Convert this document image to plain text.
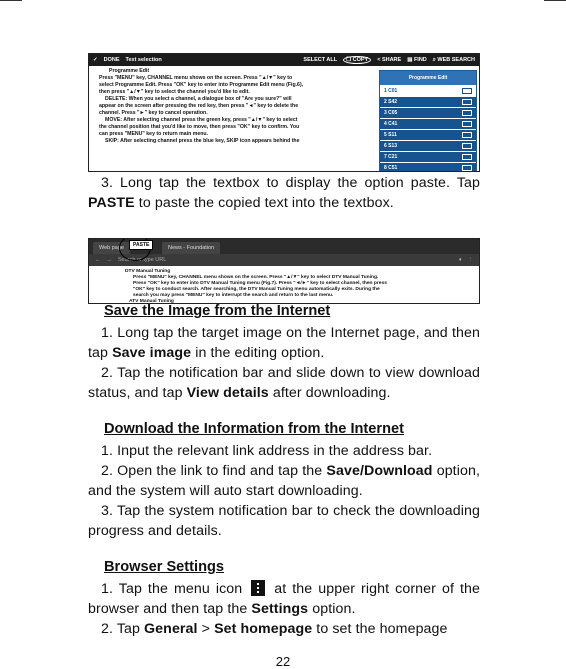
✓ DONE Text selection	SELECT ALL	❐ COPY	< SHARE ▤ FIND ⌕ WEB SEARCH
Programme Edit
Press "MENU" key, CHANNEL menu shows on the screen. Press "▲/▼" key to
select Programme Edit. Press "OK" key to enter into Programme Edit menu (Fig.6),
then press "▲/▼" key to select the channel you'd like to edit.
DELETE: When you select a channel, a dialogue box of "Are you sure?" will
appear on the screen after pressing the red key, then press "◄" key to delete the
channel. Press "►" key to cancel operation.
MOVE: After selecting channel press the green key, press "▲/▼" key to select
the channel position that you'd like to move, then press "OK" key to confirm. You
can press "MENU" key to return main menu.
SKIP: After selecting channel press the blue key, SKIP icon appears behind the
Programme Edit
1 C01
2 S42
3 C05
4 C41
5 S11
6 S13
7 C21
8 C51
3. Long tap the textbox to display the option paste. Tap PASTE to paste the copied text into the textbox.
Web page	News - Foundation
PASTE
← → Search or type URL	♦ ⋮
DTV Manual Tuning
Press "MENU" key, CHANNEL menu shows on the screen. Press "▲/▼" key to select DTV Manual Tuning.
Press "OK" key to enter into DTV Manual Tuning menu (Fig.7). Press "◄/►" key to select channel, then press
"OK" key to conduct search. After searching, the DTV Manual Tuning menu automatically exits. During the
search you may press "MENU" key to interrupt the search and return to the last menu.
ATV Manual Tuning
Save the Image from the Internet
1. Long tap the target image on the Internet page, and then tap Save image in the editing option.
2. Tap the notification bar and slide down to view download status, and tap View details after downloading.
Download the Information from the Internet
1. Input the relevant link address in the address bar.
2. Open the link to find and tap the Save/Download option, and the system will auto start downloading.
3. Tap the system notification bar to check the downloading progress and details.
Browser Settings
1. Tap the menu icon
at the upper right corner of the browser and then tap the Settings option.
2. Tap General > Set homepage to set the homepage
22
